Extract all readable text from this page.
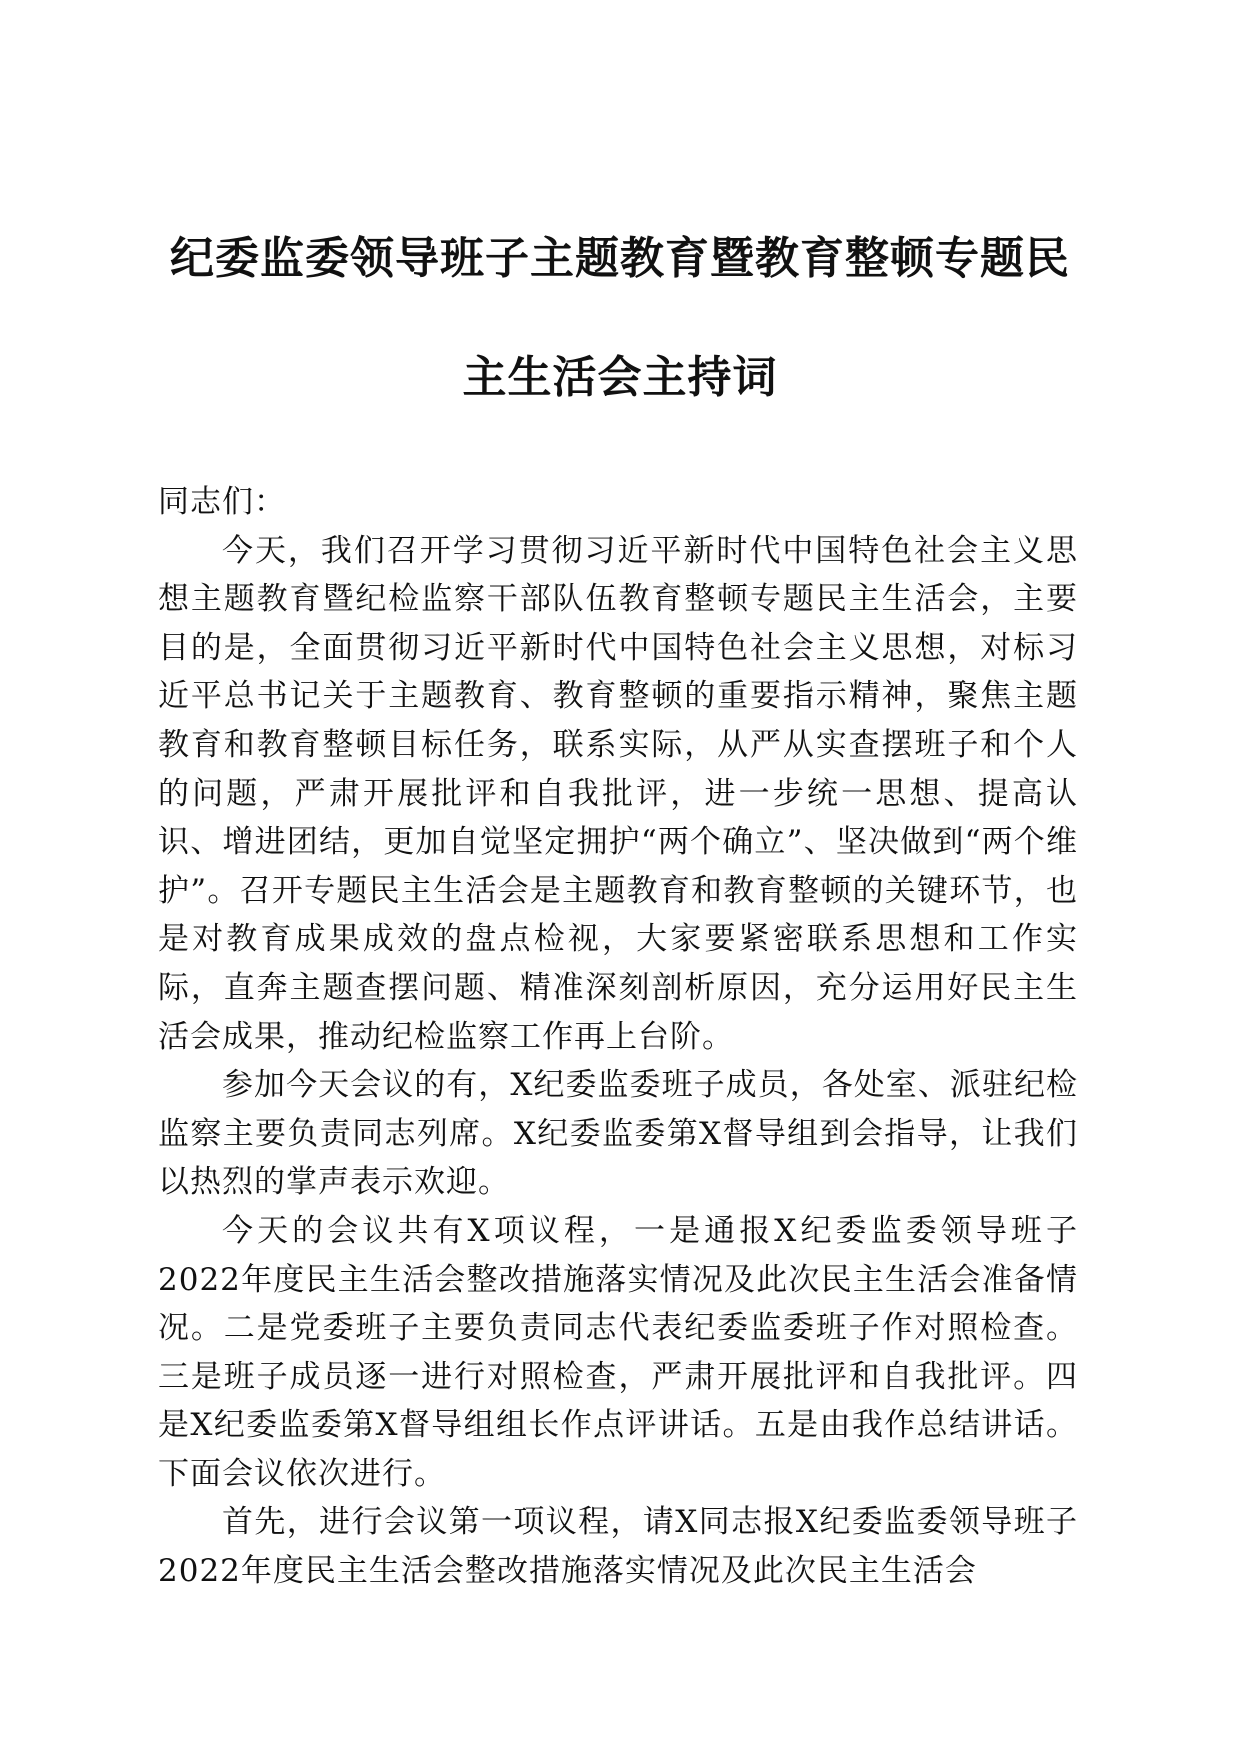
纪委监委领导班子主题教育暨教育整顿专题民
主生活会主持词

同志们：

今天，我们召开学习贯彻习近平新时代中国特色社会主义思想主题教育暨纪检监察干部队伍教育整顿专题民主生活会，主要目的是，全面贯彻习近平新时代中国特色社会主义思想，对标习近平总书记关于主题教育、教育整顿的重要指示精神，聚焦主题教育和教育整顿目标任务，联系实际，从严从实查摆班子和个人的问题，严肃开展批评和自我批评，进一步统一思想、提高认识、增进团结，更加自觉坚定拥护“两个确立”、坚决做到“两个维护”。召开专题民主生活会是主题教育和教育整顿的关键环节，也是对教育成果成效的盘点检视，大家要紧密联系思想和工作实际，直奔主题查摆问题、精准深刻剖析原因，充分运用好民主生活会成果，推动纪检监察工作再上台阶。

参加今天会议的有，X纪委监委班子成员，各处室、派驻纪检监察主要负责同志列席。X纪委监委第X督导组到会指导，让我们以热烈的掌声表示欢迎。

今天的会议共有X项议程，一是通报X纪委监委领导班子2022年度民主生活会整改措施落实情况及此次民主生活会准备情况。二是党委班子主要负责同志代表纪委监委班子作对照检查。三是班子成员逐一进行对照检查，严肃开展批评和自我批评。四是X纪委监委第X督导组组长作点评讲话。五是由我作总结讲话。下面会议依次进行。

首先，进行会议第一项议程，请X同志报X纪委监委领导班子2022年度民主生活会整改措施落实情况及此次民主生活会
